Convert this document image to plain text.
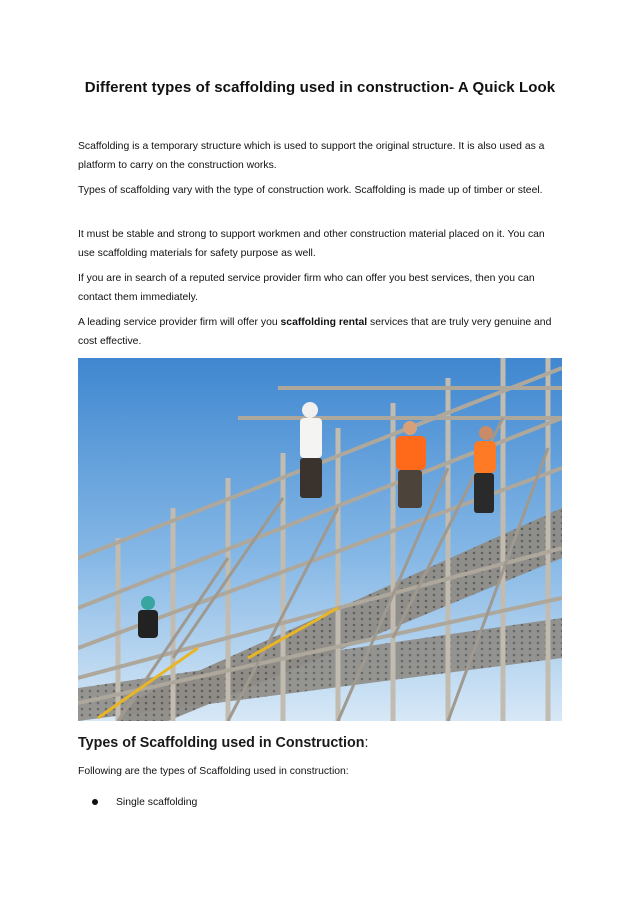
Different types of scaffolding used in construction- A Quick Look

Scaffolding is a temporary structure which is used to support the original structure. It is also used as a platform to carry on the construction works.

Types of scaffolding vary with the type of construction work. Scaffolding is made up of timber or steel.

It must be stable and strong to support workmen and other construction material placed on it. You can use scaffolding materials for safety purpose as well.

If you are in search of a reputed service provider firm who can offer you best services, then you can contact them immediately.

A leading service provider firm will offer you scaffolding rental services that are truly very genuine and cost effective.

Types of Scaffolding used in Construction:

Following are the types of Scaffolding used in construction:

Single scaffolding
